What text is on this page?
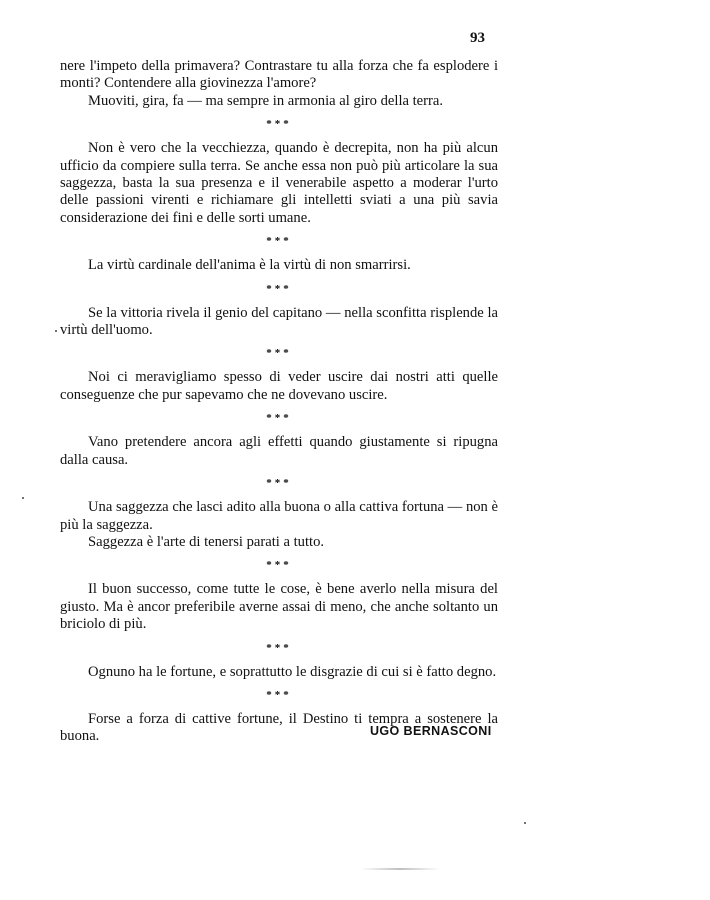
93

nere l'impeto della primavera? Contrastare tu alla forza che fa esplodere i monti? Contendere alla giovinezza l'amore?

Muoviti, gira, fa — ma sempre in armonia al giro della terra.

***

Non è vero che la vecchiezza, quando è decrepita, non ha più alcun ufficio da compiere sulla terra. Se anche essa non può più articolare la sua saggezza, basta la sua presenza e il venerabile aspetto a moderar l'urto delle passioni virenti e richiamare gli intelletti sviati a una più savia considerazione dei fini e delle sorti umane.

***

La virtù cardinale dell'anima è la virtù di non smarrirsi.

***

Se la vittoria rivela il genio del capitano — nella sconfitta risplende la virtù dell'uomo.

***

Noi ci meravigliamo spesso di veder uscire dai nostri atti quelle conseguenze che pur sapevamo che ne dovevano uscire.

***

Vano pretendere ancora agli effetti quando giustamente si ripugna dalla causa.

***

Una saggezza che lasci adito alla buona o alla cattiva fortuna — non è più la saggezza.

Saggezza è l'arte di tenersi parati a tutto.

***

Il buon successo, come tutte le cose, è bene averlo nella misura del giusto. Ma è ancor preferibile averne assai di meno, che anche soltanto un briciolo di più.

***

Ognuno ha le fortune, e soprattutto le disgrazie di cui si è fatto degno.

***

Forse a forza di cattive fortune, il Destino ti tempra a sostenere la buona.	UGO BERNASCONI
